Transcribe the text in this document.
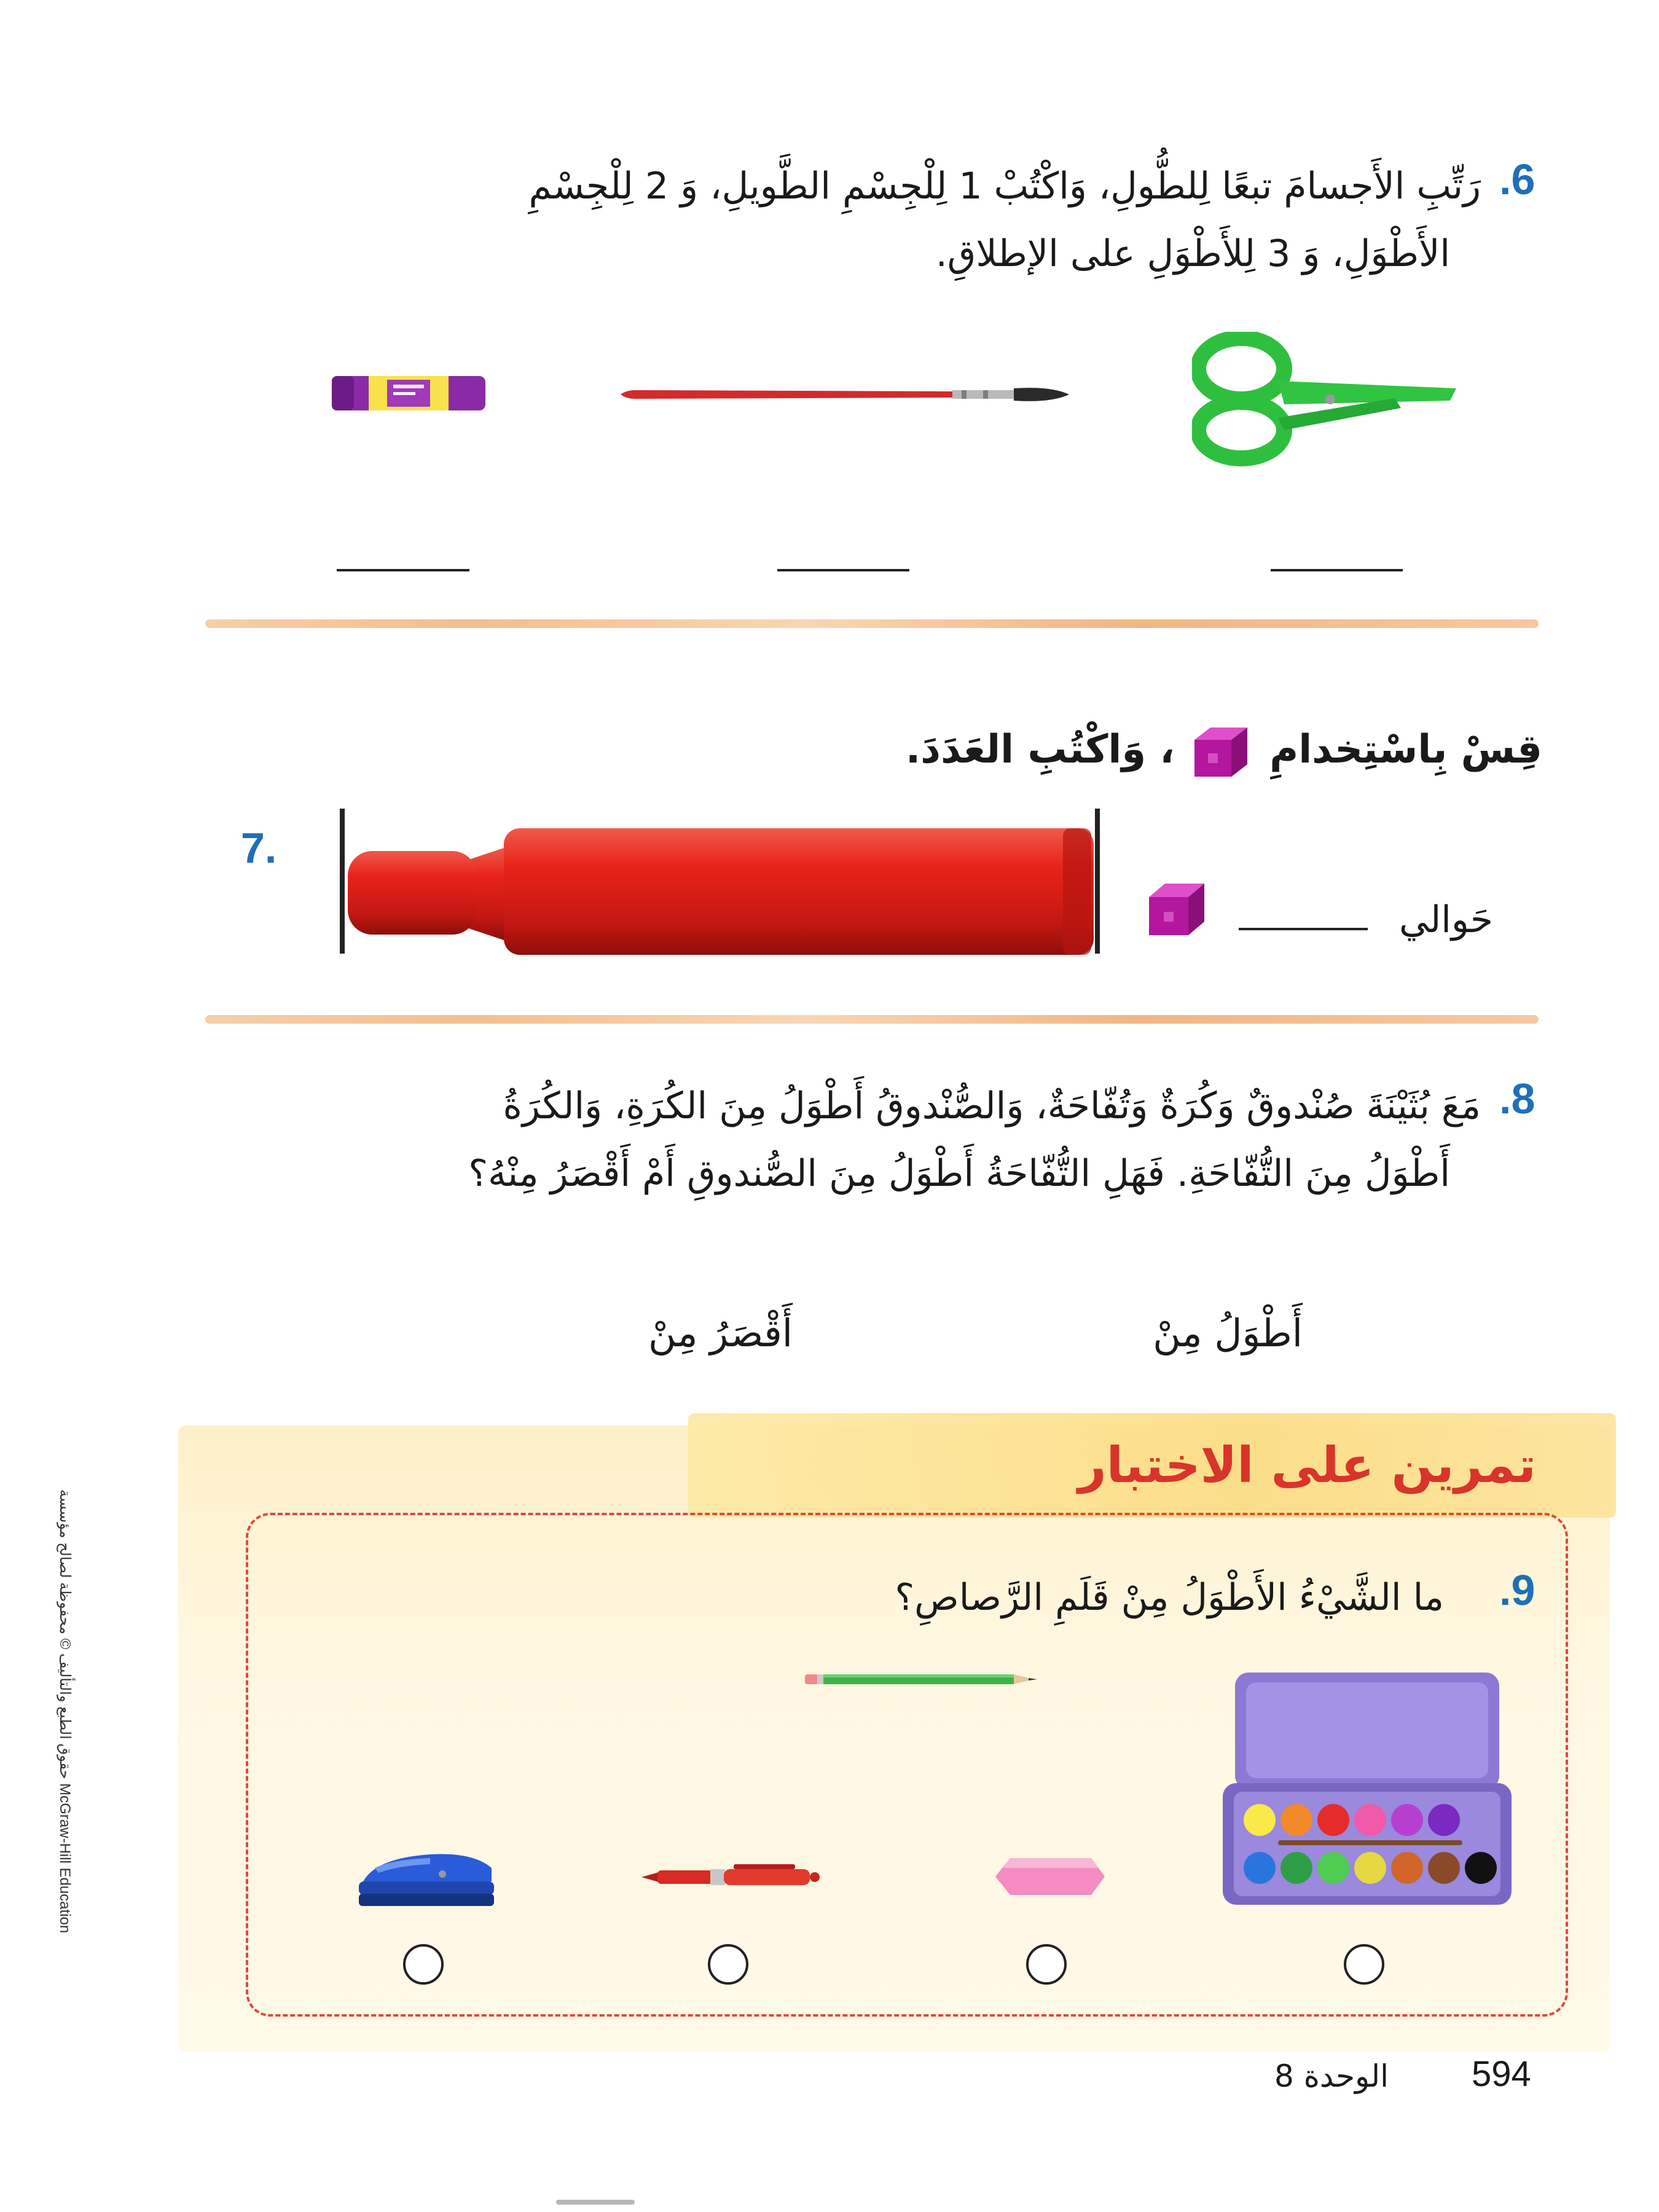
.6
رَتِّبِ الأَجسامَ تبعًا لِلطُّولِ، وَاكْتُبْ 1 لِلْجِسْمِ الطَّويلِ، وَ 2 لِلْجِسْمِ
الأَطْوَلِ، وَ 3 لِلأَطْوَلِ على الإطلاقِ.
قِسْ بِاسْتِخدامِ  ، وَاكْتُبِ العَدَدَ.
7.
حَوالي
.8
مَعَ بُثَيْنَةَ صُنْدوقٌ وَكُرَةٌ وَتُفّاحَةٌ، وَالصُّنْدوقُ أَطْوَلُ مِنَ الكُرَةِ، وَالكُرَةُ
أَطْوَلُ مِنَ التُّفّاحَةِ. فَهَلِ التُّفّاحَةُ أَطْوَلُ مِنَ الصُّندوقِ أَمْ أَقْصَرُ مِنْهُ؟
أَطْوَلُ مِنْ
أَقْصَرُ مِنْ
تمرين على الاختبار
.9
ما الشَّيْءُ الأَطْوَلُ مِنْ قَلَمِ الرَّصاصِ؟
حقوق الطبع والتأليف © محفوظة لصالح مؤسسة McGraw-Hill Education
594
الوحدة 8
